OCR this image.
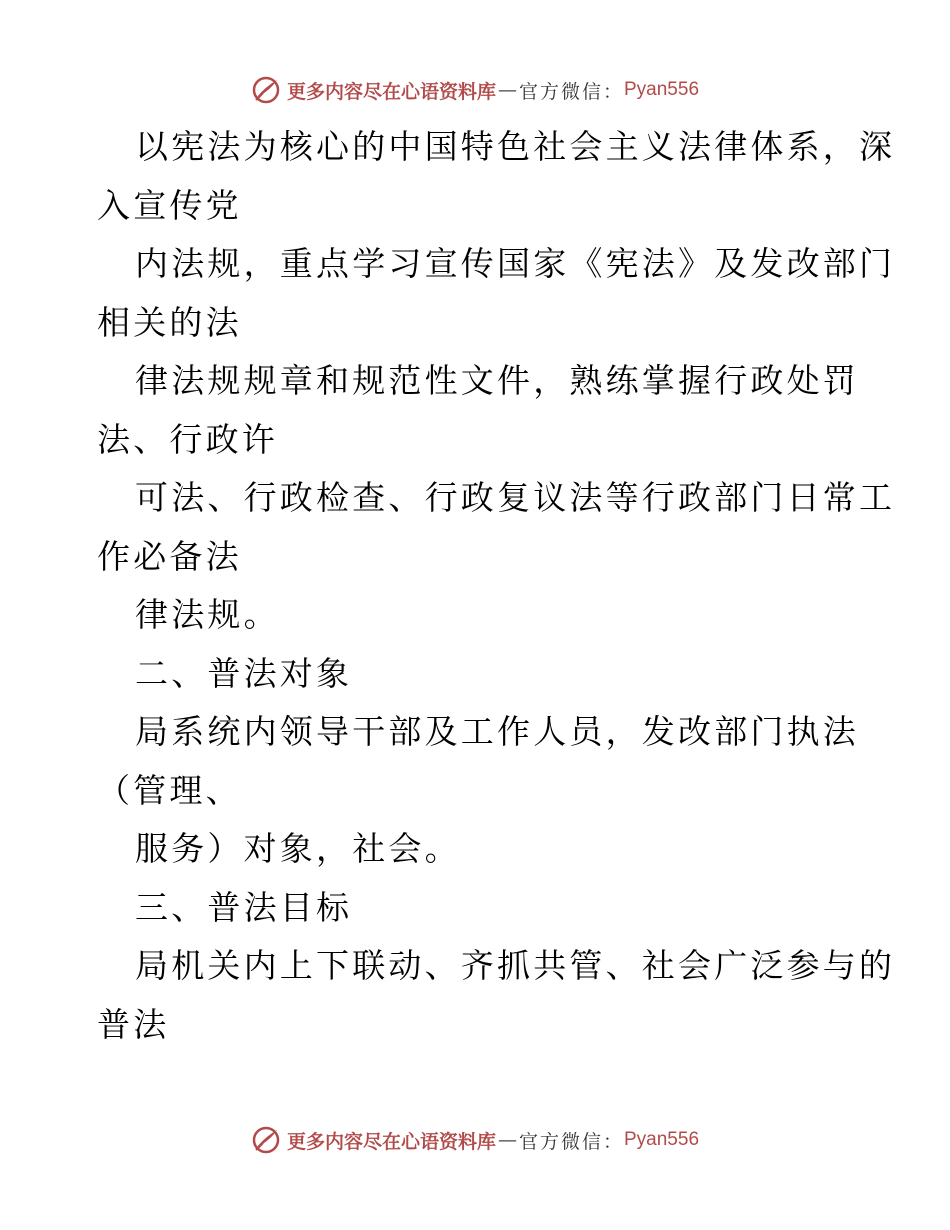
更多内容尽在心语资料库 — 官方微信： Pyan556
以宪法为核心的中国特色社会主义法律体系，深
入宣传党
内法规，重点学习宣传国家《宪法》及发改部门
相关的法
律法规规章和规范性文件，熟练掌握行政处罚
法、行政许
可法、行政检查、行政复议法等行政部门日常工
作必备法
律法规。
二、普法对象
局系统内领导干部及工作人员，发改部门执法
（管理、
服务）对象，社会。
三、普法目标
局机关内上下联动、齐抓共管、社会广泛参与的
普法
更多内容尽在心语资料库 — 官方微信： Pyan556
